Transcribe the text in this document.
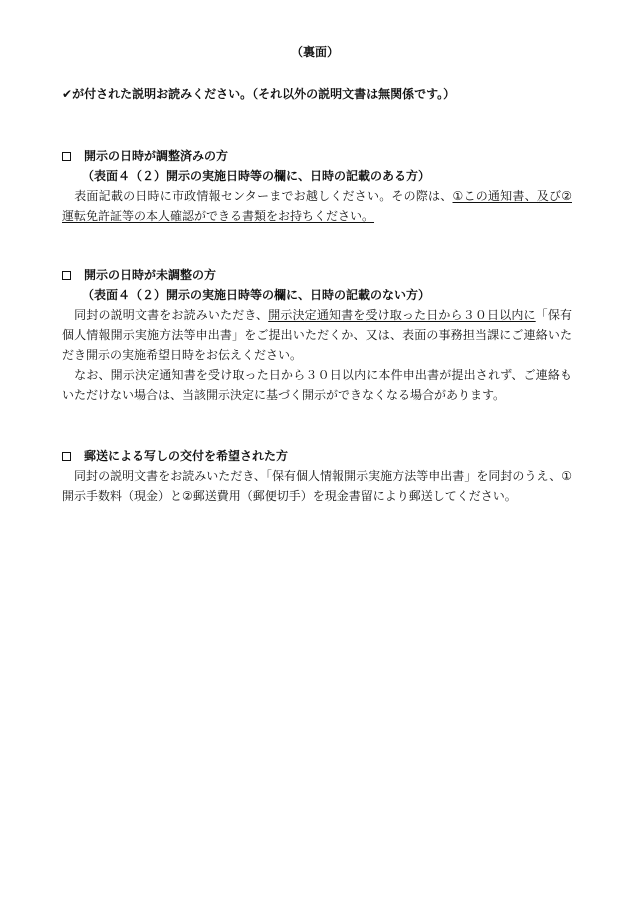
（裏面）
✔が付された説明お読みください。（それ以外の説明文書は無関係です。）
開示の日時が調整済みの方
（表面４（２）開示の実施日時等の欄に、日時の記載のある方）
　表面記載の日時に市政情報センターまでお越しください。その際は、①この通知書、及び②運転免許証等の本人確認ができる書類をお持ちください。
開示の日時が未調整の方
（表面４（２）開示の実施日時等の欄に、日時の記載のない方）
　同封の説明文書をお読みいただき、開示決定通知書を受け取った日から３０日以内に「保有個人情報開示実施方法等申出書」をご提出いただくか、又は、表面の事務担当課にご連絡いただき開示の実施希望日時をお伝えください。
　なお、開示決定通知書を受け取った日から３０日以内に本件申出書が提出されず、ご連絡もいただけない場合は、当該開示決定に基づく開示ができなくなる場合があります。
郵送による写しの交付を希望された方
　同封の説明文書をお読みいただき、「保有個人情報開示実施方法等申出書」を同封のうえ、①開示手数料（現金）と②郵送費用（郵便切手）を現金書留により郵送してください。
